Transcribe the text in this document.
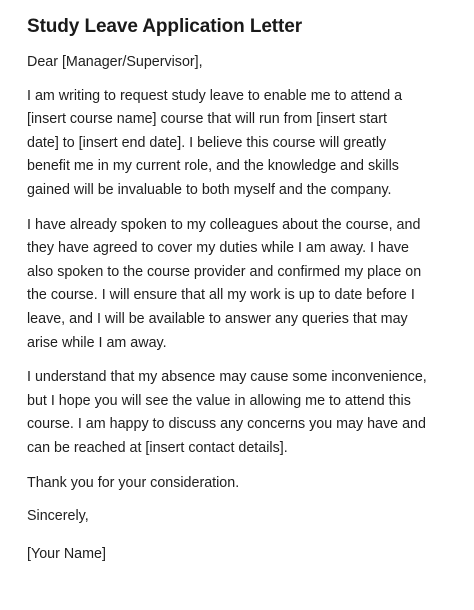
Study Leave Application Letter

Dear [Manager/Supervisor],

I am writing to request study leave to enable me to attend a
[insert course name] course that will run from [insert start
date] to [insert end date]. I believe this course will greatly
benefit me in my current role, and the knowledge and skills
gained will be invaluable to both myself and the company.

I have already spoken to my colleagues about the course, and
they have agreed to cover my duties while I am away. I have
also spoken to the course provider and confirmed my place on
the course. I will ensure that all my work is up to date before I
leave, and I will be available to answer any queries that may
arise while I am away.

I understand that my absence may cause some inconvenience,
but I hope you will see the value in allowing me to attend this
course. I am happy to discuss any concerns you may have and
can be reached at [insert contact details].

Thank you for your consideration.

Sincerely,

[Your Name]
